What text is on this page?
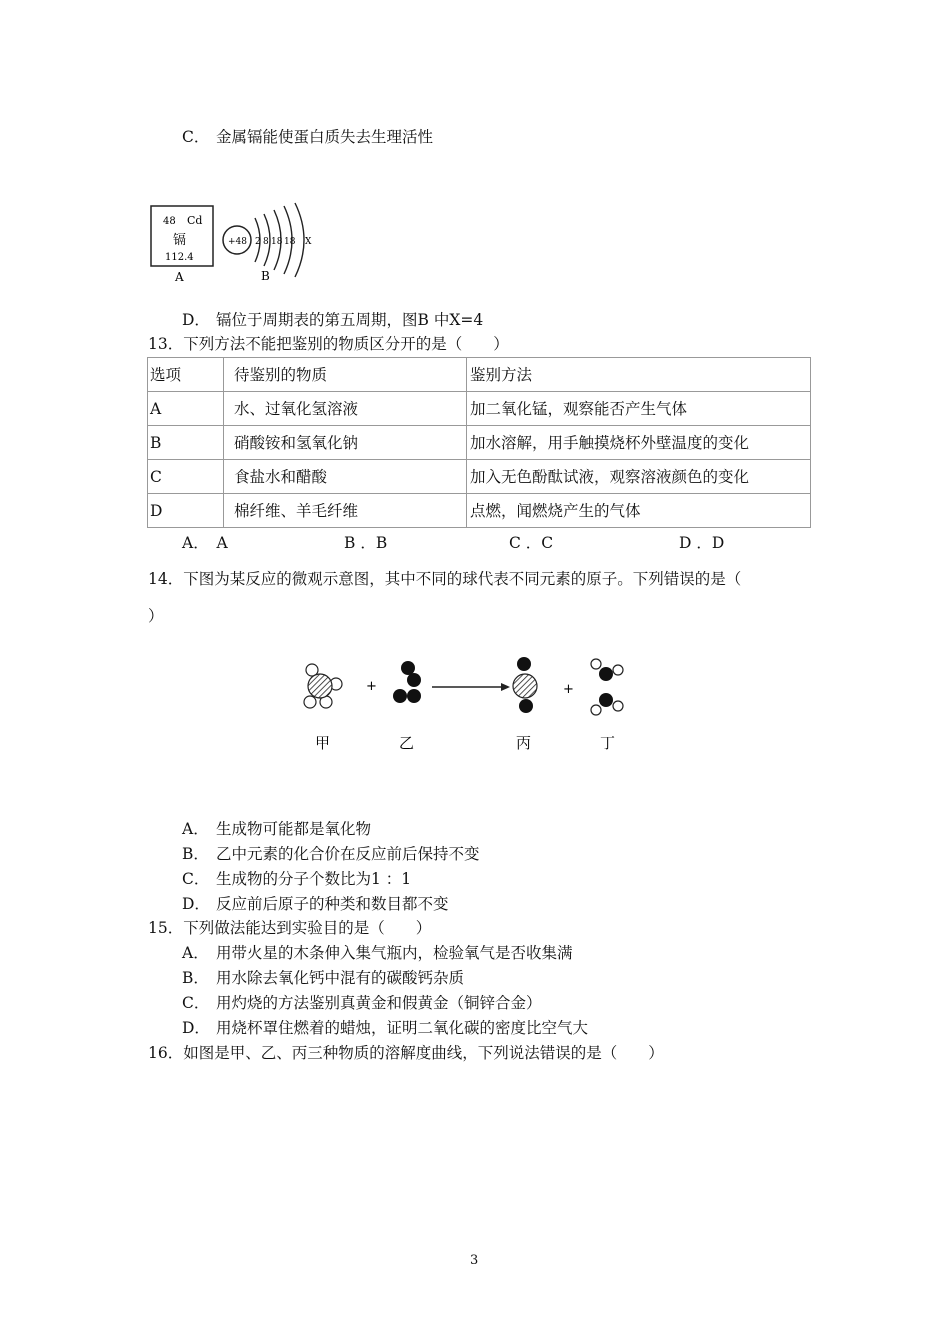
C． 金属镉能使蛋白质失去生理活性
48 Cd
镉
112.4
A
+48 2 8 18 18 X
B
D． 镉位于周期表的第五周期，图B 中X=4
13．下列方法不能把鉴别的物质区分开的是（　　）
选项	待鉴别的物质	鉴别方法
A	水、过氧化氢溶液	加二氧化锰，观察能否产生气体
B	硝酸铵和氢氧化钠	加水溶解，用手触摸烧杯外壁温度的变化
C	食盐水和醋酸	加入无色酚酞试液，观察溶液颜色的变化
D	棉纤维、羊毛纤维	点燃，闻燃烧产生的气体
A．　A	B ．B	C ．C	D ．D
14．下图为某反应的微观示意图，其中不同的球代表不同元素的原子。下列错误的是（
）
+	+
甲	乙	丙	丁
A． 生成物可能都是氧化物
B． 乙中元素的化合价在反应前后保持不变
C． 生成物的分子个数比为1 ：1
D． 反应前后原子的种类和数目都不变
15．下列做法能达到实验目的是（　　）
A． 用带火星的木条伸入集气瓶内，检验氧气是否收集满
B． 用水除去氧化钙中混有的碳酸钙杂质
C． 用灼烧的方法鉴别真黄金和假黄金（铜锌合金）
D． 用烧杯罩住燃着的蜡烛，证明二氧化碳的密度比空气大
16．如图是甲、乙、丙三种物质的溶解度曲线，下列说法错误的是（　　）
3
